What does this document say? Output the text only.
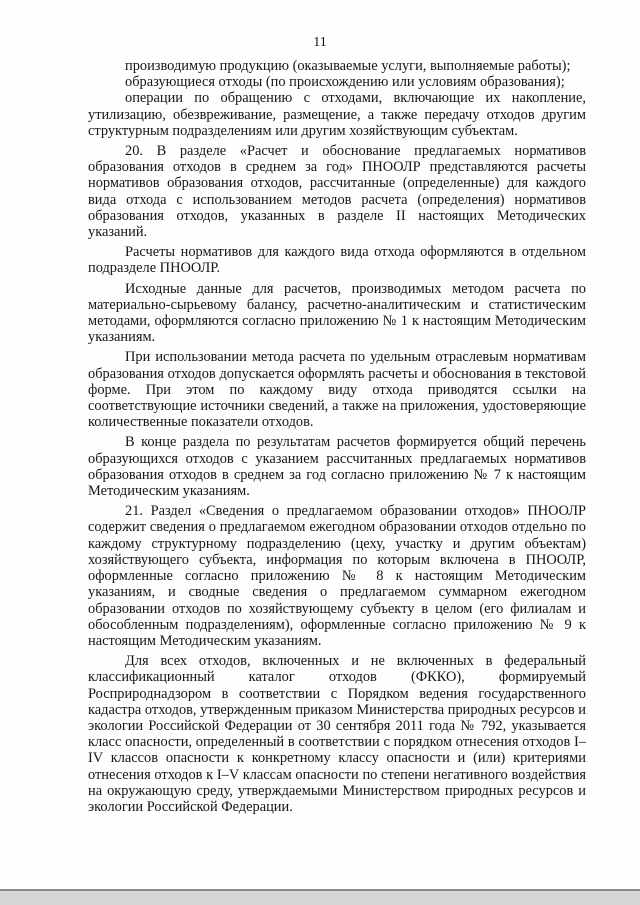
11

производимую продукцию (оказываемые услуги, выполняемые работы);

образующиеся отходы (по происхождению или условиям образования);

операции по обращению с отходами, включающие их накопление, утилизацию, обезвреживание, размещение, а также передачу отходов другим структурным подразделениям или другим хозяйствующим субъектам.

20. В разделе «Расчет и обоснование предлагаемых нормативов образования отходов в среднем за год» ПНООЛР представляются расчеты нормативов образования отходов, рассчитанные (определенные) для каждого вида отхода с использованием методов расчета (определения) нормативов образования отходов, указанных в разделе II настоящих Методических указаний.

Расчеты нормативов для каждого вида отхода оформляются в отдельном подразделе ПНООЛР.

Исходные данные для расчетов, производимых методом расчета по материально-сырьевому балансу, расчетно-аналитическим и статистическим методами, оформляются согласно приложению № 1 к настоящим Методическим указаниям.

При использовании метода расчета по удельным отраслевым нормативам образования отходов допускается оформлять расчеты и обоснования в текстовой форме. При этом по каждому виду отхода приводятся ссылки на соответствующие источники сведений, а также на приложения, удостоверяющие количественные показатели отходов.

В конце раздела по результатам расчетов формируется общий перечень образующихся отходов с указанием рассчитанных предлагаемых нормативов образования отходов в среднем за год согласно приложению № 7 к настоящим Методическим указаниям.

21. Раздел «Сведения о предлагаемом образовании отходов» ПНООЛР содержит сведения о предлагаемом ежегодном образовании отходов отдельно по каждому структурному подразделению (цеху, участку и другим объектам) хозяйствующего субъекта, информация по которым включена в ПНООЛР, оформленные согласно приложению № 8 к настоящим Методическим указаниям, и сводные сведения о предлагаемом суммарном ежегодном образовании отходов по хозяйствующему субъекту в целом (его филиалам и обособленным подразделениям), оформленные согласно приложению № 9 к настоящим Методическим указаниям.

Для всех отходов, включенных и не включенных в федеральный классификационный каталог отходов (ФККО), формируемый Росприроднадзором в соответствии с Порядком ведения государственного кадастра отходов, утвержденным приказом Министерства природных ресурсов и экологии Российской Федерации от 30 сентября 2011 года № 792, указывается класс опасности, определенный в соответствии с порядком отнесения отходов I–IV классов опасности к конкретному классу опасности и (или) критериями отнесения отходов к I–V классам опасности по степени негативного воздействия на окружающую среду, утверждаемыми Министерством природных ресурсов и экологии Российской Федерации.
